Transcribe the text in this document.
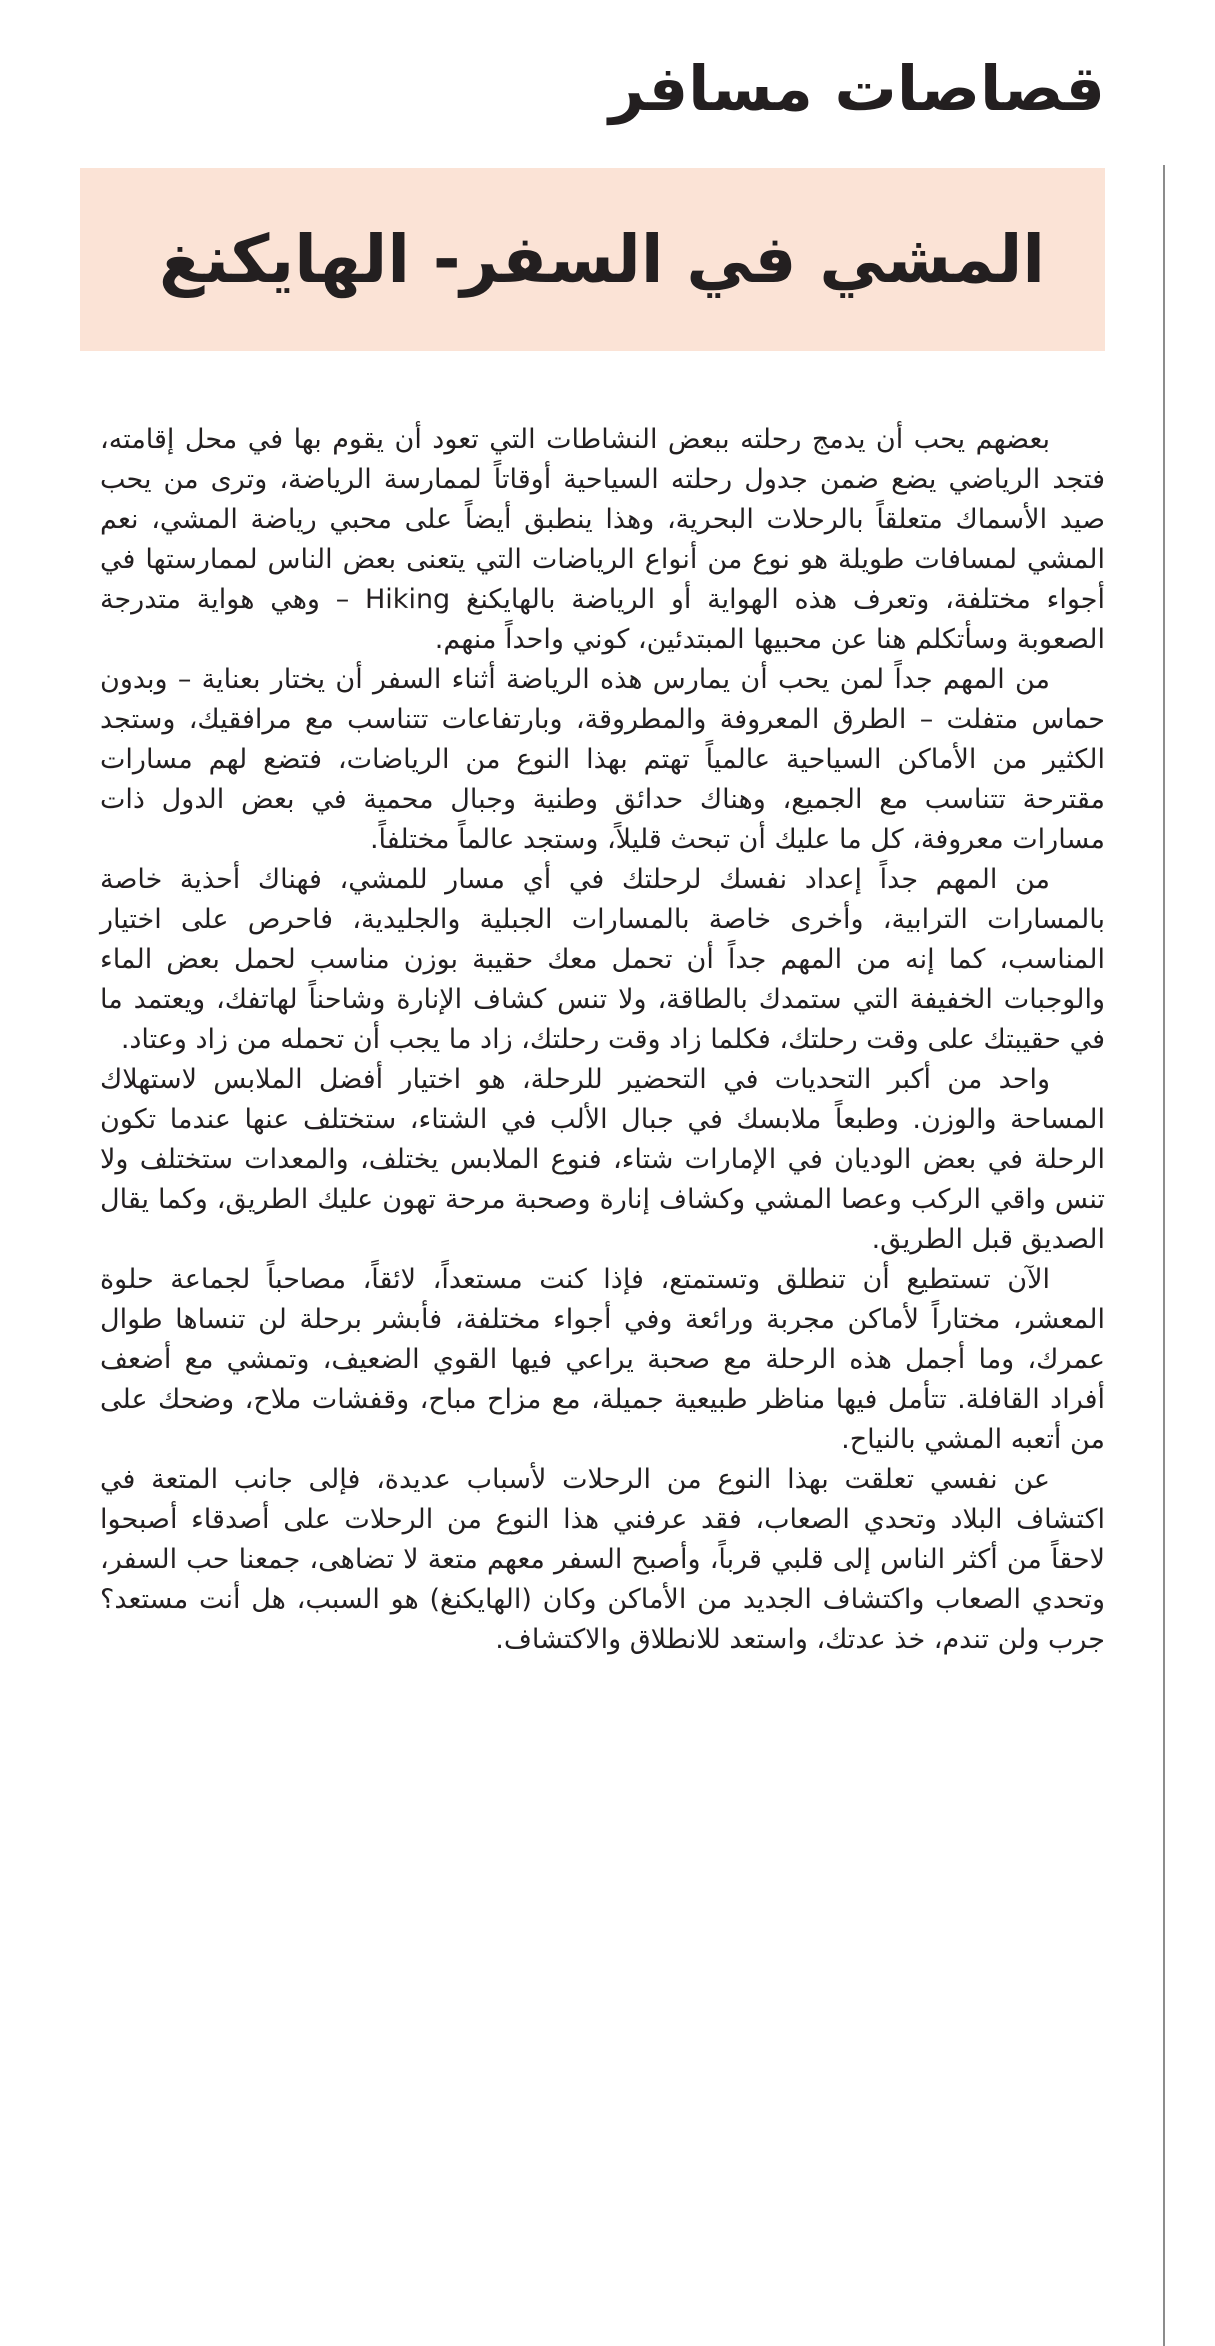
قصاصات مسافر
المشي في السفر- الهايكنغ

بعضهم يحب أن يدمج رحلته ببعض النشاطات التي تعود أن يقوم بها في محل إقامته، فتجد الرياضي يضع ضمن جدول رحلته السياحية أوقاتاً لممارسة الرياضة، وترى من يحب صيد الأسماك متعلقاً بالرحلات البحرية، وهذا ينطبق أيضاً على محبي رياضة المشي، نعم المشي لمسافات طويلة هو نوع من أنواع الرياضات التي يتعنى بعض الناس لممارستها في أجواء مختلفة، وتعرف هذه الهواية أو الرياضة بالهايكنغ Hiking – وهي هواية متدرجة الصعوبة وسأتكلم هنا عن محبيها المبتدئين، كوني واحداً منهم.

من المهم جداً لمن يحب أن يمارس هذه الرياضة أثناء السفر أن يختار بعناية – وبدون حماس متفلت – الطرق المعروفة والمطروقة، وبارتفاعات تتناسب مع مرافقيك، وستجد الكثير من الأماكن السياحية عالمياً تهتم بهذا النوع من الرياضات، فتضع لهم مسارات مقترحة تتناسب مع الجميع، وهناك حدائق وطنية وجبال محمية في بعض الدول ذات مسارات معروفة، كل ما عليك أن تبحث قليلاً، وستجد عالماً مختلفاً.

من المهم جداً إعداد نفسك لرحلتك في أي مسار للمشي، فهناك أحذية خاصة بالمسارات الترابية، وأخرى خاصة بالمسارات الجبلية والجليدية، فاحرص على اختيار المناسب، كما إنه من المهم جداً أن تحمل معك حقيبة بوزن مناسب لحمل بعض الماء والوجبات الخفيفة التي ستمدك بالطاقة، ولا تنس كشاف الإنارة وشاحناً لهاتفك، ويعتمد ما في حقيبتك على وقت رحلتك، فكلما زاد وقت رحلتك، زاد ما يجب أن تحمله من زاد وعتاد.

واحد من أكبر التحديات في التحضير للرحلة، هو اختيار أفضل الملابس لاستهلاك المساحة والوزن. وطبعاً ملابسك في جبال الألب في الشتاء، ستختلف عنها عندما تكون الرحلة في بعض الوديان في الإمارات شتاء، فنوع الملابس يختلف، والمعدات ستختلف ولا تنس واقي الركب وعصا المشي وكشاف إنارة وصحبة مرحة تهون عليك الطريق، وكما يقال الصديق قبل الطريق.

الآن تستطيع أن تنطلق وتستمتع، فإذا كنت مستعداً، لائقاً، مصاحباً لجماعة حلوة المعشر، مختاراً لأماكن مجربة ورائعة وفي أجواء مختلفة، فأبشر برحلة لن تنساها طوال عمرك، وما أجمل هذه الرحلة مع صحبة يراعي فيها القوي الضعيف، وتمشي مع أضعف أفراد القافلة. تتأمل فيها مناظر طبيعية جميلة، مع مزاح مباح، وقفشات ملاح، وضحك على من أتعبه المشي بالنياح.

عن نفسي تعلقت بهذا النوع من الرحلات لأسباب عديدة، فإلى جانب المتعة في اكتشاف البلاد وتحدي الصعاب، فقد عرفني هذا النوع من الرحلات على أصدقاء أصبحوا لاحقاً من أكثر الناس إلى قلبي قرباً، وأصبح السفر معهم متعة لا تضاهى، جمعنا حب السفر، وتحدي الصعاب واكتشاف الجديد من الأماكن وكان (الهايكنغ) هو السبب، هل أنت مستعد؟ جرب ولن تندم، خذ عدتك، واستعد للانطلاق والاكتشاف.
